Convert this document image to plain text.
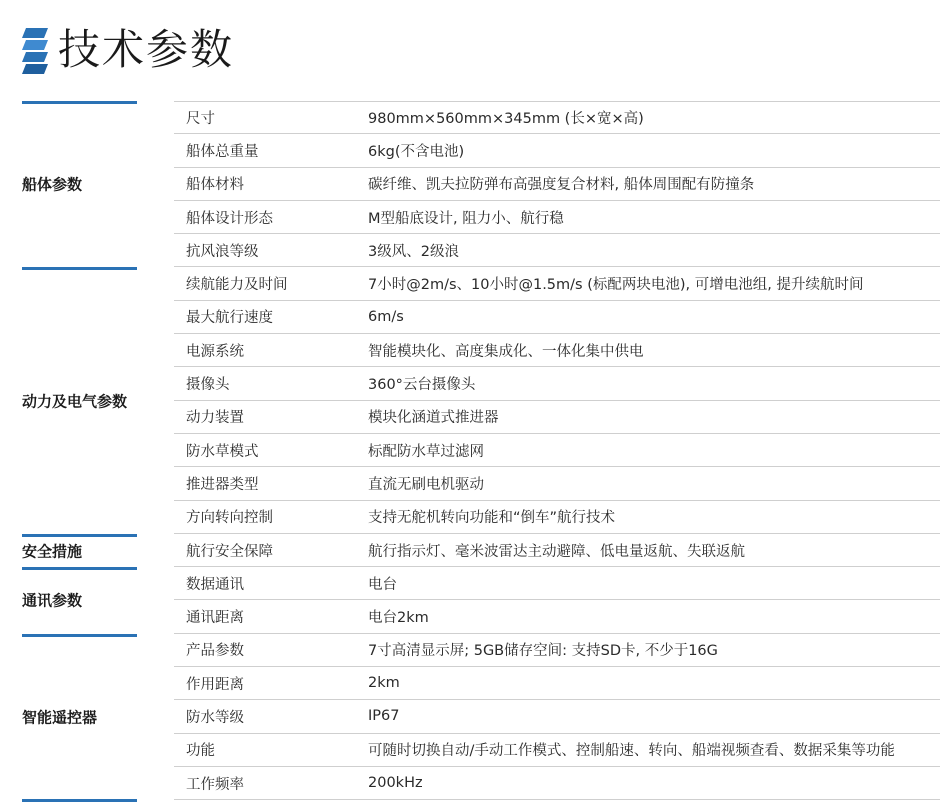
技术参数
船体参数
尺寸	980mm×560mm×345mm (长×宽×高)
船体总重量	6kg(不含电池)
船体材料	碳纤维、凯夫拉防弹布高强度复合材料, 船体周围配有防撞条
船体设计形态	M型船底设计, 阻力小、航行稳
抗风浪等级	3级风、2级浪
动力及电气参数
续航能力及时间	7小时@2m/s、10小时@1.5m/s (标配两块电池), 可增电池组, 提升续航时间
最大航行速度	6m/s
电源系统	智能模块化、高度集成化、一体化集中供电
摄像头	360°云台摄像头
动力装置	模块化涵道式推进器
防水草模式	标配防水草过滤网
推进器类型	直流无刷电机驱动
方向转向控制	支持无舵机转向功能和“倒车”航行技术
安全措施	航行安全保障	航行指示灯、毫米波雷达主动避障、低电量返航、失联返航
通讯参数
数据通讯	电台
通讯距离	电台2km
智能遥控器
产品参数	7寸高清显示屏; 5GB储存空间: 支持SD卡, 不少于16G
作用距离	2km
防水等级	IP67
功能	可随时切换自动/手动工作模式、控制船速、转向、船端视频查看、数据采集等功能
工作频率	200kHz
